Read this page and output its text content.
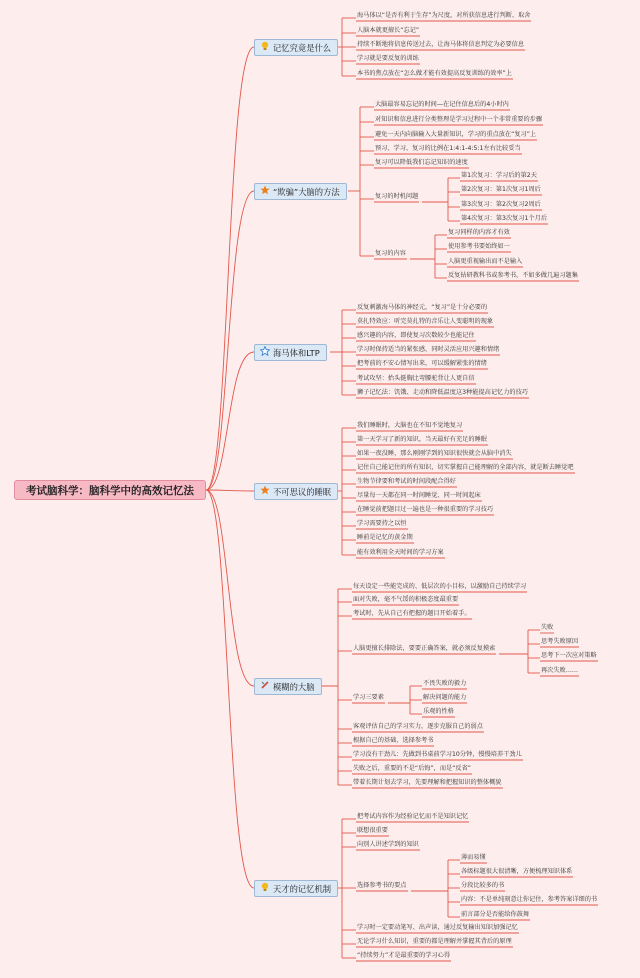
考试脑科学：脑科学中的高效记忆法
记忆究竟是什么
海马体以“是否有利于生存”为尺度，对所获信息进行判断、取舍
人脑本就更擅长“忘记”
持续不断地将信息传送过去，让海马体将信息判定为必要信息
学习就是要反复的训练
本书的焦点放在“怎么做才能有效提高反复训练的效率”上
“欺骗”大脑的方法
大脑最容易忘记的时间—在记住信息后的4小时内
对知识和信息进行分类整理是学习过程中一个非常重要的步骤
避免一天内向脑输入大量新知识，学习的重点放在“复习”上
预习、学习、复习的比例在1:4:1-4:5:1左右比较妥当
复习可以降低我们忘记知识的速度
复习的时机问题
第1次复习：学习后的第2天
第2次复习：第1次复习1周后
第3次复习：第2次复习2周后
第4次复习：第3次复习1个月后
复习的内容
复习同样的内容才有效
使用参考书要始终如一
人脑更重视输出而不是输入
反复钻研教科书或参考书，不如多做几遍习题集
海马体和LTP
反复刺激海马体的神经元，“复习”是十分必要的
莫扎特效应：听完莫扎特的音乐让人变聪明的现象
感兴趣的内容，即使复习次数较少也能记住
学习时保持适当的紧张感，同时灵活应用兴趣和情绪
把考前的不安心情写出来，可以缓解紧张的情绪
考试攻坚：抬头挺胸比弯腰驼背让人更自信
狮子记忆法：饥饿、走动和降低温度这3种能提高记忆力的技巧
不可思议的睡眠
我们睡眠时，大脑也在不知不觉地复习
第一天学习了新的知识，当天最好有充足的睡眠
如果一夜没睡，那么刚刚学到的知识很快就会从脑中消失
记住自己能记住的所有知识，切实掌握自己能理解的全部内容，就是断去睡觉吧
生物节律要和考试的时间段配合得好
尽量每一天都在同一时间睡觉、同一时间起床
在睡觉前把题目过一遍也是一种很重要的学习技巧
学习需要持之以恒
睡前是记忆的黄金期
能有效利用全天时间的学习方案
模糊的大脑
每天设定一些能完成的、低层次的小目标，以激励自己持续学习
面对失败，毫不气馁的积极态度最重要
考试时，先从自己有把握的题目开始着手。
人脑更擅长排除法，要要正确答案，就必须反复摸索
失败
思考失败原因
思考下一次应对策略
再次失败……
学习三要素
不畏失败的毅力
解决问题的能力
乐观的性格
客观评估自己的学习实力，逐步克服自己的弱点
根据自己的基础，选择参考书
学习没有干劲儿：先做到书桌前学习10分钟，慢慢培养干劲儿
失败之后，重要的不是“后悔”，而是“反省”
带着长期计划去学习，先要理解和把握知识的整体概貌
天才的记忆机制
把考试内容作为经验记忆而不是知识记忆
联想很重要
向别人讲述学到的知识
选择参考书的要点
薄而易懂
各级标题很大很清晰，方便梳理知识体系
分段比较多的书
内容：不是单纯刻意让你记住，参考答案详细的书
前言部分是否能给你鼓舞
学习时一定要动笔写、出声读，通过反复输出知识加强记忆
无论学习什么知识，重要的都是理解并掌握其背后的原理
“持续努力”才是最重要的学习心得
